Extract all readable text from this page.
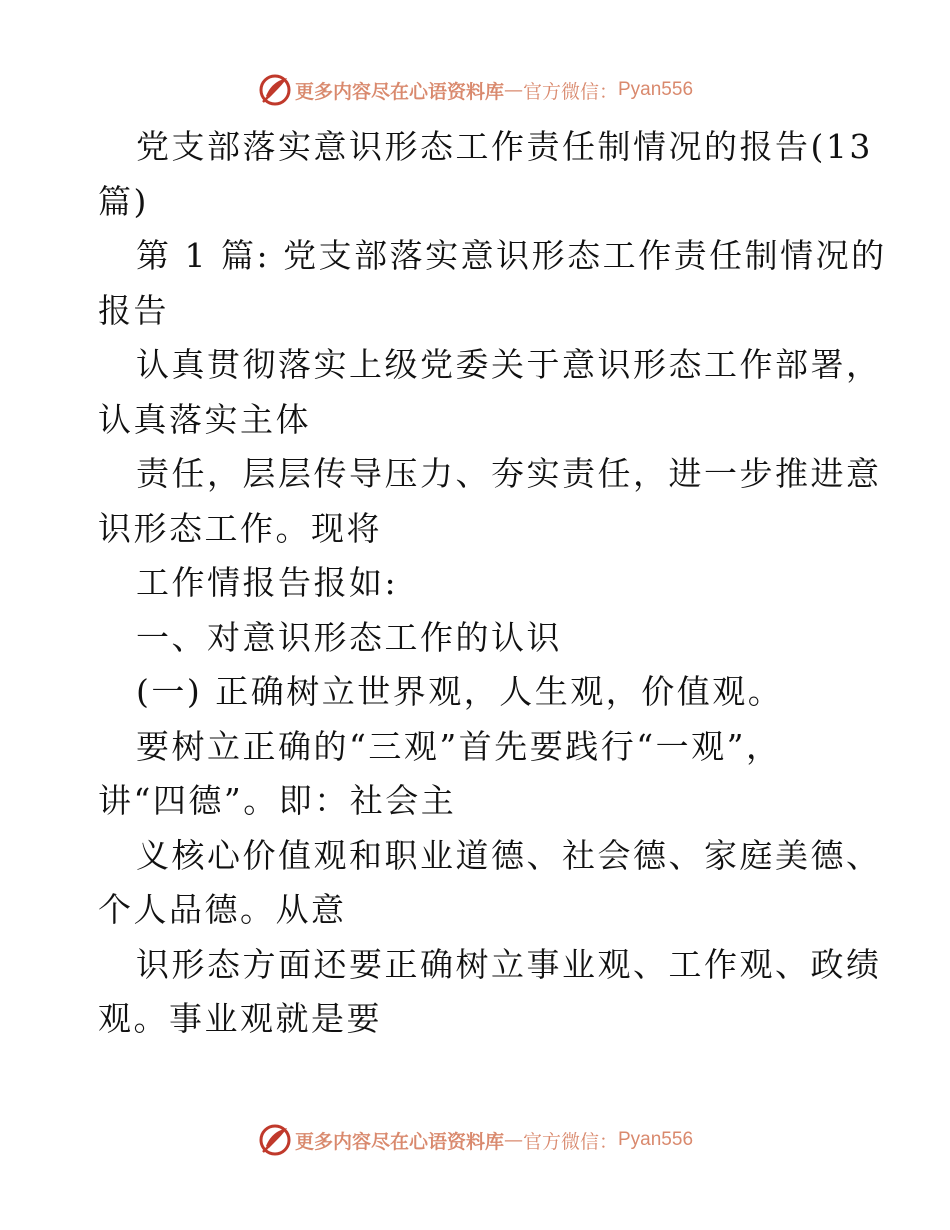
更多内容尽在心语资料库 — 官方微信： Pyan556
党支部落实意识形态工作责任制情况的报告(13
篇)
第 1 篇: 党支部落实意识形态工作责任制情况的
报告
认真贯彻落实上级党委关于意识形态工作部署，
认真落实主体
责任，层层传导压力、夯实责任，进一步推进意
识形态工作。现将
工作情报告报如:
一、对意识形态工作的认识
(一) 正确树立世界观，人生观，价值观。
要树立正确的“三观”首先要践行“一观”，
讲“四德”。即：社会主
义核心价值观和职业道德、社会德、家庭美德、
个人品德。从意
识形态方面还要正确树立事业观、工作观、政绩
观。事业观就是要
更多内容尽在心语资料库 — 官方微信： Pyan556
